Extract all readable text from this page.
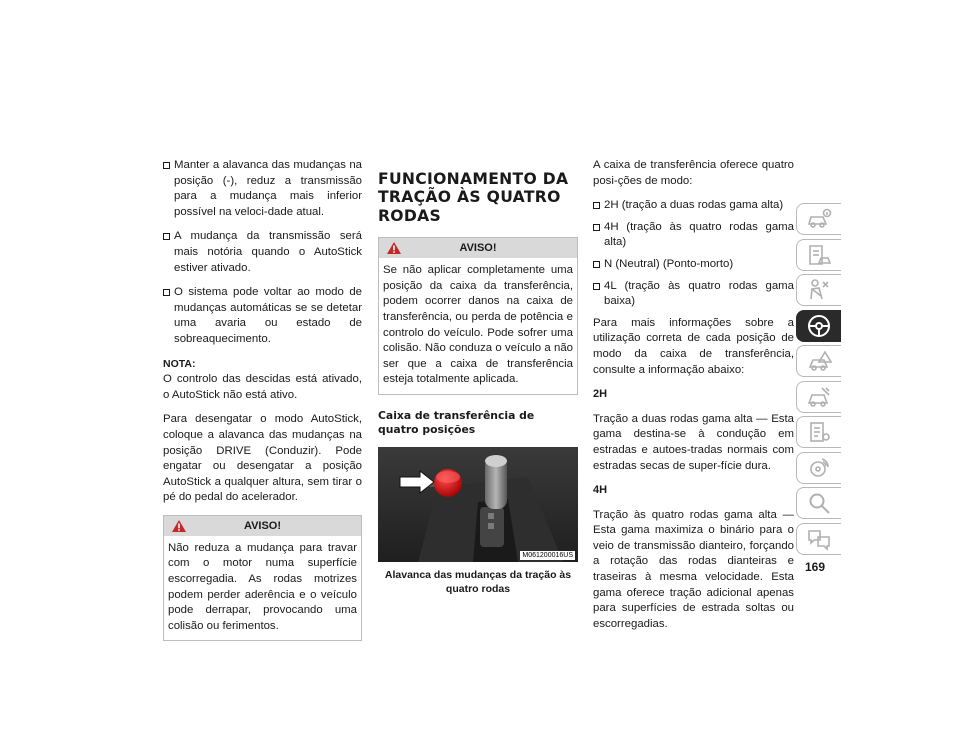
Manter a alavanca das mudanças na posição (-), reduz a transmissão para a mudança mais inferior possível na veloci-dade atual.
A mudança da transmissão será mais notória quando o AutoStick estiver ativado.
O sistema pode voltar ao modo de mudanças automáticas se se detetar uma avaria ou estado de sobreaquecimento.

NOTA:

O controlo das descidas está ativado, o AutoStick não está ativo.

Para desengatar o modo AutoStick, coloque a alavanca das mudanças na posição DRIVE (Conduzir). Pode engatar ou desengatar a posição AutoStick a qualquer altura, sem tirar o pé do pedal do acelerador.

AVISO!
Não reduza a mudança para travar com o motor numa superfície escorregadia. As rodas motrizes podem perder aderência e o veículo pode derrapar, provocando uma colisão ou ferimentos.
FUNCIONAMENTO DA TRAÇÃO ÀS QUATRO RODAS
AVISO!
Se não aplicar completamente uma posição da caixa da transferência, podem ocorrer danos na caixa de transferência, ou perda de potência e controlo do veículo. Pode sofrer uma colisão. Não conduza o veículo a não ser que a caixa de transferência esteja totalmente aplicada.
Caixa de transferência de quatro posições
M061200016US

Alavanca das mudanças da tração às quatro rodas

A caixa de transferência oferece quatro posi-ções de modo:

2H (tração a duas rodas gama alta)
4H (tração às quatro rodas gama alta)
N (Neutral) (Ponto-morto)
4L (tração às quatro rodas gama baixa)

Para mais informações sobre a utilização correta de cada posição de modo da caixa de transferência, consulte a informação abaixo:

2H

Tração a duas rodas gama alta — Esta gama destina-se à condução em estradas e autoes-tradas normais com estradas secas de super-fície dura.

4H

Tração às quatro rodas gama alta — Esta gama maximiza o binário para o veio de transmissão dianteiro, forçando a rotação das rodas dianteiras e traseiras à mesma velocidade. Esta gama oferece tração adicional apenas para superfícies de estrada soltas ou escorregadias.

169
